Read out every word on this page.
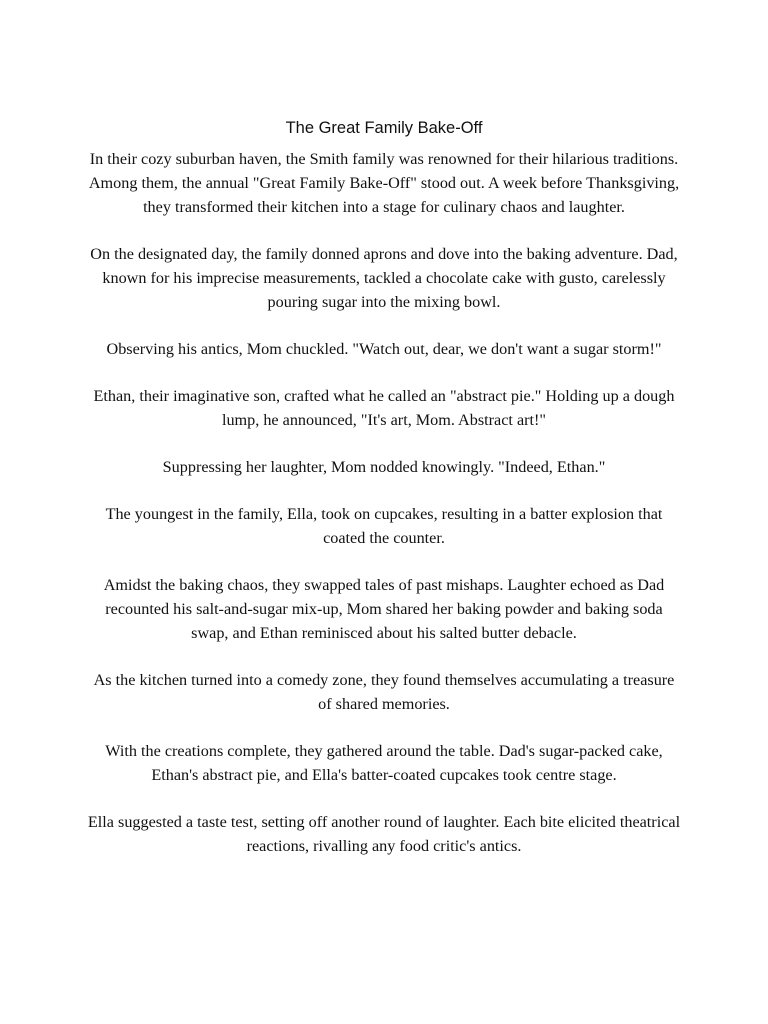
The Great Family Bake-Off

In their cozy suburban haven, the Smith family was renowned for their hilarious traditions. Among them, the annual "Great Family Bake-Off" stood out. A week before Thanksgiving, they transformed their kitchen into a stage for culinary chaos and laughter.

On the designated day, the family donned aprons and dove into the baking adventure. Dad, known for his imprecise measurements, tackled a chocolate cake with gusto, carelessly pouring sugar into the mixing bowl.

Observing his antics, Mom chuckled. "Watch out, dear, we don't want a sugar storm!"

Ethan, their imaginative son, crafted what he called an "abstract pie." Holding up a dough lump, he announced, "It's art, Mom. Abstract art!"

Suppressing her laughter, Mom nodded knowingly. "Indeed, Ethan."

The youngest in the family, Ella, took on cupcakes, resulting in a batter explosion that coated the counter.

Amidst the baking chaos, they swapped tales of past mishaps. Laughter echoed as Dad recounted his salt-and-sugar mix-up, Mom shared her baking powder and baking soda swap, and Ethan reminisced about his salted butter debacle.

As the kitchen turned into a comedy zone, they found themselves accumulating a treasure of shared memories.

With the creations complete, they gathered around the table. Dad's sugar-packed cake, Ethan's abstract pie, and Ella's batter-coated cupcakes took centre stage.

Ella suggested a taste test, setting off another round of laughter. Each bite elicited theatrical reactions, rivalling any food critic's antics.
